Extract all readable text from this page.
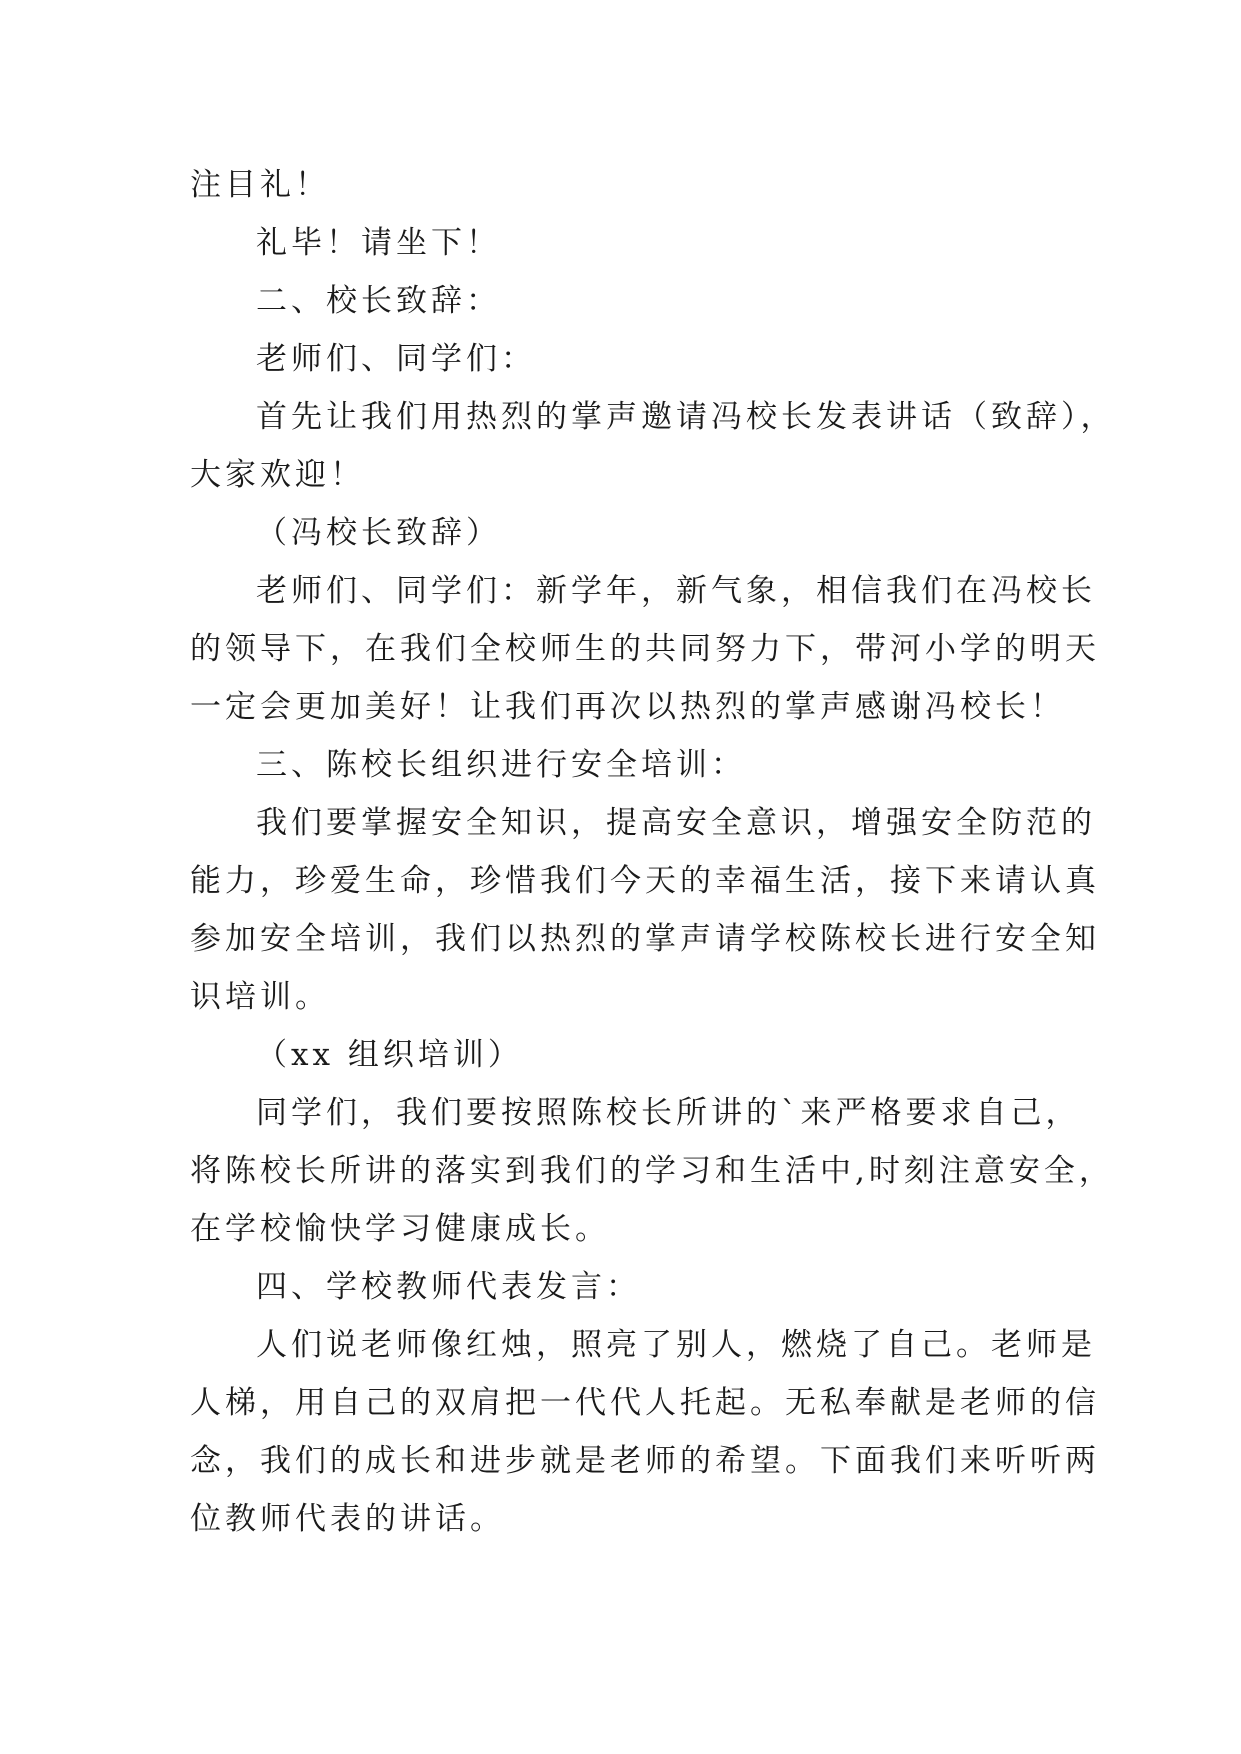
注目礼！
礼毕！请坐下！
二、校长致辞：
老师们、同学们：
首先让我们用热烈的掌声邀请冯校长发表讲话（致辞），
大家欢迎！
（冯校长致辞）
老师们、同学们：新学年，新气象，相信我们在冯校长
的领导下，在我们全校师生的共同努力下，带河小学的明天
一定会更加美好！让我们再次以热烈的掌声感谢冯校长！
三、陈校长组织进行安全培训：
我们要掌握安全知识，提高安全意识，增强安全防范的
能力，珍爱生命，珍惜我们今天的幸福生活，接下来请认真
参加安全培训，我们以热烈的掌声请学校陈校长进行安全知
识培训。
（xx 组织培训）
同学们，我们要按照陈校长所讲的`来严格要求自己，
将陈校长所讲的落实到我们的学习和生活中,时刻注意安全，
在学校愉快学习健康成长。
四、学校教师代表发言：
人们说老师像红烛，照亮了别人，燃烧了自己。老师是
人梯，用自己的双肩把一代代人托起。无私奉献是老师的信
念，我们的成长和进步就是老师的希望。下面我们来听听两
位教师代表的讲话。
